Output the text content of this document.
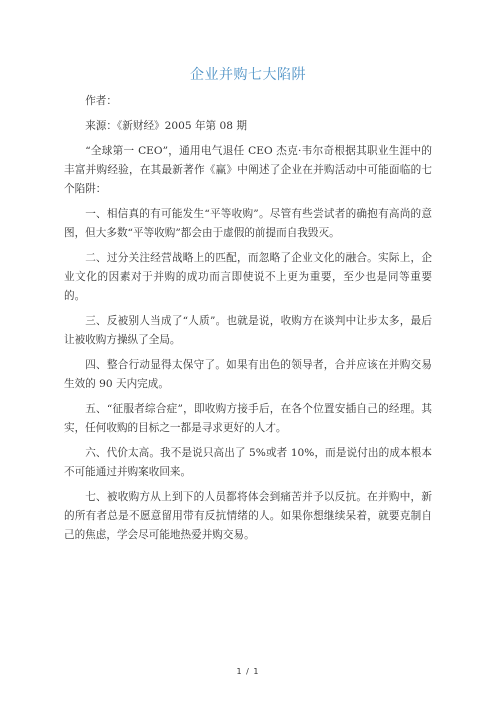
企业并购七大陷阱

作者：

来源：《新财经》2005 年第 08 期

“全球第一 CEO”，通用电气退任 CEO 杰克·韦尔奇根据其职业生涯中的丰富并购经验，在其最新著作《赢》中阐述了企业在并购活动中可能面临的七个陷阱：

一、相信真的有可能发生“平等收购”。尽管有些尝试者的确抱有高尚的意图，但大多数“平等收购”都会由于虚假的前提而自我毁灭。

二、过分关注经营战略上的匹配，而忽略了企业文化的融合。实际上，企业文化的因素对于并购的成功而言即使说不上更为重要，至少也是同等重要的。

三、反被别人当成了“人质”。也就是说，收购方在谈判中让步太多，最后让被收购方操纵了全局。

四、整合行动显得太保守了。如果有出色的领导者，合并应该在并购交易生效的 90 天内完成。

五、“征服者综合症”，即收购方接手后，在各个位置安插自己的经理。其实，任何收购的目标之一都是寻求更好的人才。

六、代价太高。我不是说只高出了 5%或者 10%，而是说付出的成本根本不可能通过并购案收回来。

七、被收购方从上到下的人员都将体会到痛苦并予以反抗。在并购中，新的所有者总是不愿意留用带有反抗情绪的人。如果你想继续呆着，就要克制自己的焦虑，学会尽可能地热爱并购交易。

1 / 1
